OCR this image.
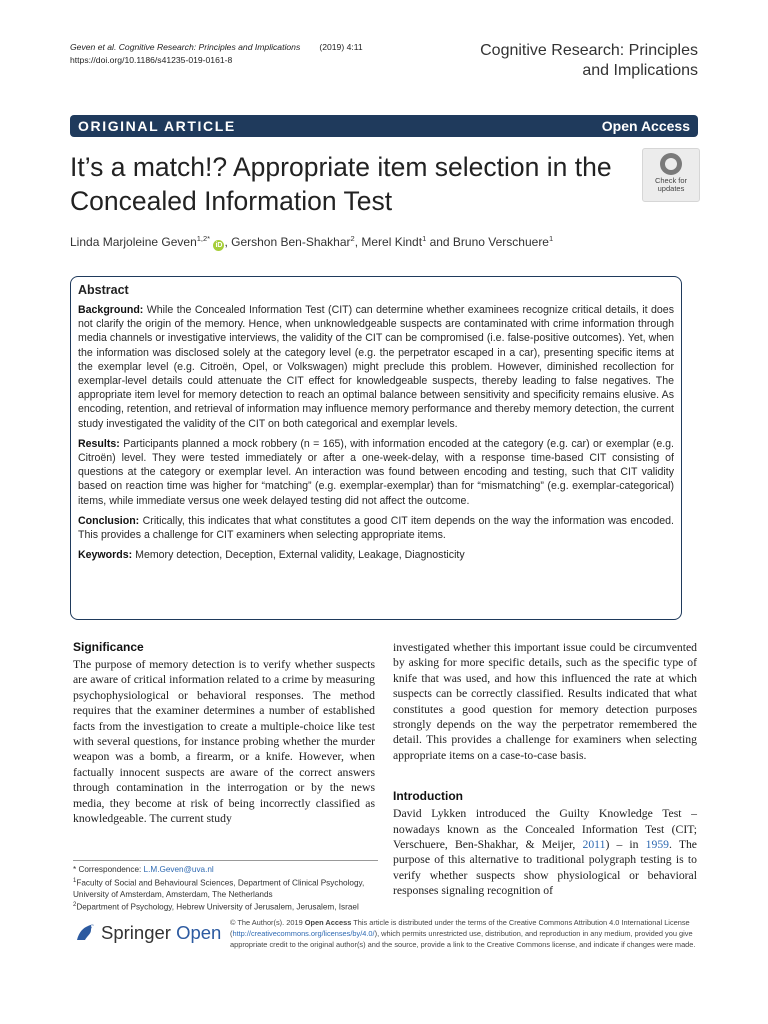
Geven et al. Cognitive Research: Principles and Implications (2019) 4:11
https://doi.org/10.1186/s41235-019-0161-8
Cognitive Research: Principles
and Implications
ORIGINAL ARTICLE	Open Access
It’s a match!? Appropriate item selection in the Concealed Information Test
Check for
updates
Linda Marjoleine Geven$^{1,2*}$ iD , Gershon Ben-Shakhar$^2$, Merel Kindt$^1$ and Bruno Verschuere$^1$
Abstract

Background: While the Concealed Information Test (CIT) can determine whether examinees recognize critical details, it does not clarify the origin of the memory. Hence, when unknowledgeable suspects are contaminated with crime information through media channels or investigative interviews, the validity of the CIT can be compromised (i.e. false-positive outcomes). Yet, when the information was disclosed solely at the category level (e.g. the perpetrator escaped in a car), presenting specific items at the exemplar level (e.g. Citroën, Opel, or Volkswagen) might preclude this problem. However, diminished recollection for exemplar-level details could attenuate the CIT effect for knowledgeable suspects, thereby leading to false negatives. The appropriate item level for memory detection to reach an optimal balance between sensitivity and specificity remains elusive. As encoding, retention, and retrieval of information may influence memory performance and thereby memory detection, the current study investigated the validity of the CIT on both categorical and exemplar levels.

Results: Participants planned a mock robbery (n = 165), with information encoded at the category (e.g. car) or exemplar (e.g. Citroën) level. They were tested immediately or after a one-week-delay, with a response time-based CIT consisting of questions at the category or exemplar level. An interaction was found between encoding and testing, such that CIT validity based on reaction time was higher for “matching” (e.g. exemplar-exemplar) than for “mismatching” (e.g. exemplar-categorical) items, while immediate versus one week delayed testing did not affect the outcome.

Conclusion: Critically, this indicates that what constitutes a good CIT item depends on the way the information was encoded. This provides a challenge for CIT examiners when selecting appropriate items.

Keywords: Memory detection, Deception, External validity, Leakage, Diagnosticity

Significance

The purpose of memory detection is to verify whether suspects are aware of critical information related to a crime by measuring psychophysiological or behavioral responses. The method requires that the examiner determines a number of established facts from the investigation to create a multiple-choice like test with several questions, for instance probing whether the murder weapon was a bomb, a firearm, or a knife. However, when factually innocent suspects are aware of the correct answers through contamination in the interrogation or by the news media, they become at risk of being incorrectly classified as knowledgeable. The current study

investigated whether this important issue could be circumvented by asking for more specific details, such as the specific type of knife that was used, and how this influenced the rate at which suspects can be correctly classified. Results indicated that what constitutes a good question for memory detection purposes strongly depends on the way the perpetrator remembered the detail. This provides a challenge for examiners when selecting appropriate items on a case-to-case basis.

Introduction

David Lykken introduced the Guilty Knowledge Test – nowadays known as the Concealed Information Test (CIT; Verschuere, Ben-Shakhar, & Meijer, 2011) – in 1959. The purpose of this alternative to traditional polygraph testing is to verify whether suspects show physiological or behavioral responses signaling recognition of

* Correspondence: L.M.Geven@uva.nl
$^1$Faculty of Social and Behavioural Sciences, Department of Clinical Psychology, University of Amsterdam, Amsterdam, The Netherlands
$^2$Department of Psychology, Hebrew University of Jerusalem, Jerusalem, Israel
Springer Open © The Author(s). 2019 Open Access This article is distributed under the terms of the Creative Commons Attribution 4.0 International License (http://creativecommons.org/licenses/by/4.0/), which permits unrestricted use, distribution, and reproduction in any medium, provided you give appropriate credit to the original author(s) and the source, provide a link to the Creative Commons license, and indicate if changes were made.
